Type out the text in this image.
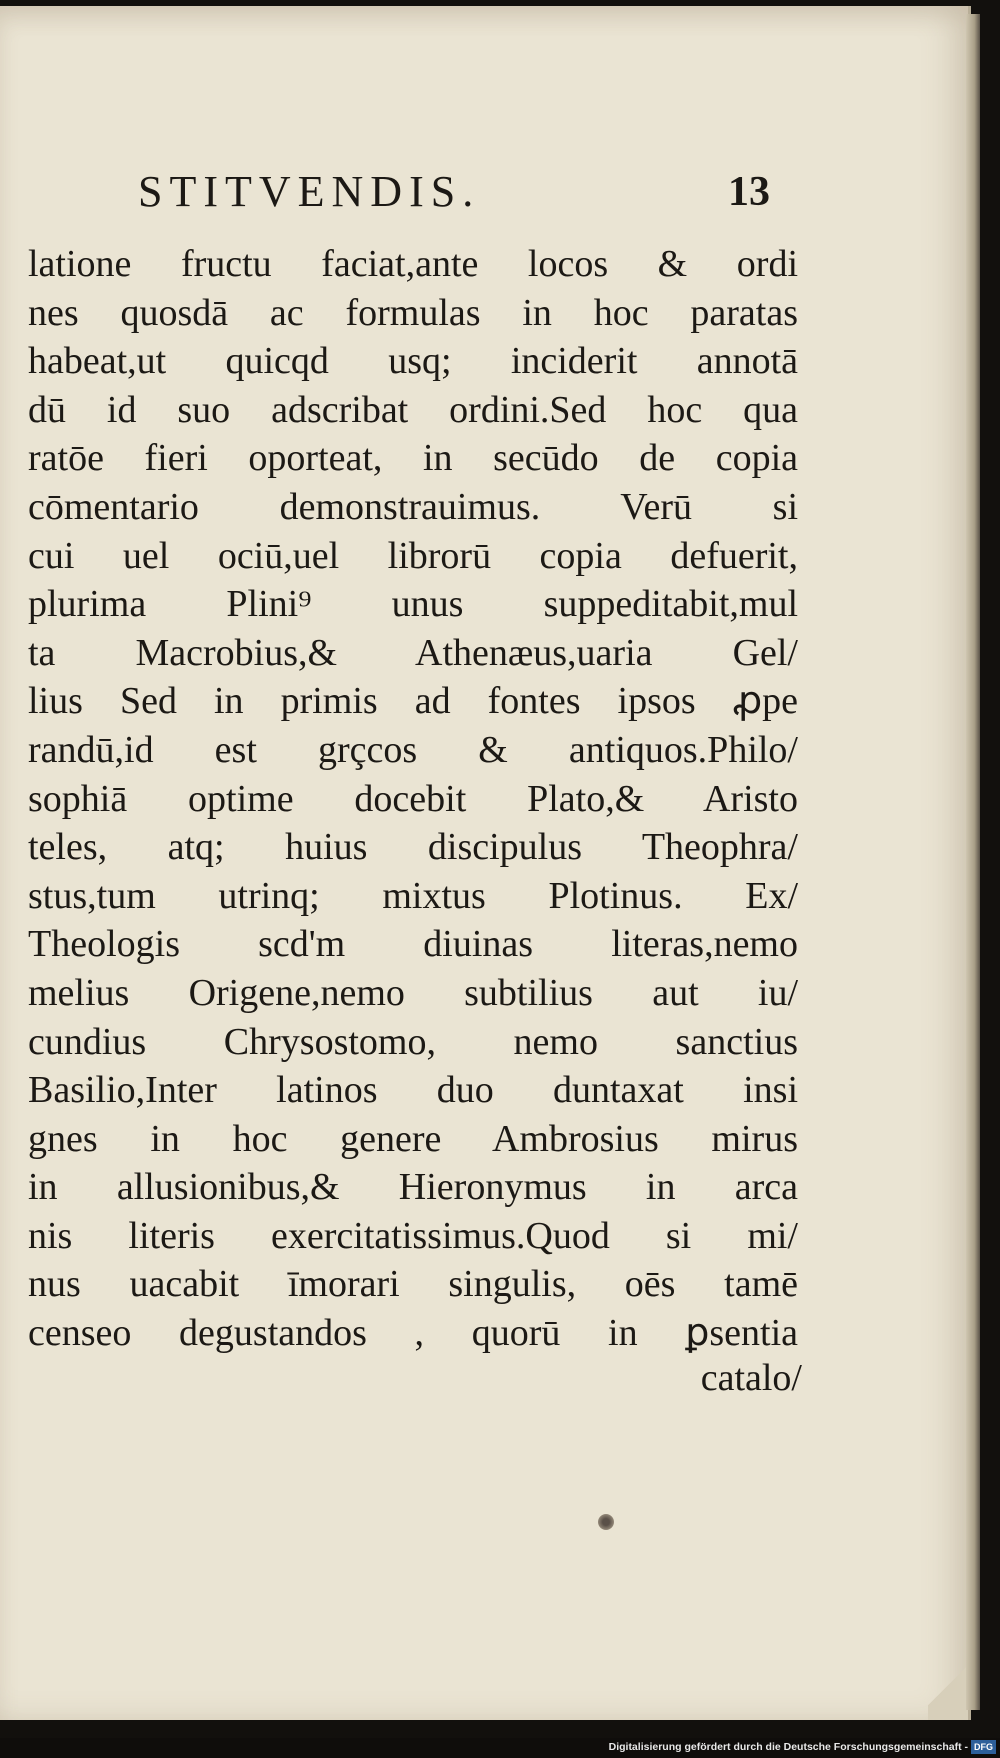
STITVENDIS.	13
latione fructu faciat,ante locos & ordi
nes quosdā ac formulas in hoc paratas
habeat,ut quicqd usq; inciderit annotā
dū id suo adscribat ordini.Sed hoc qua
ratōe fieri oporteat, in secūdo de copia
cōmentario demonstrauimus. Verū si
cui uel ociū,uel librorū copia defuerit,
plurima Plini⁹ unus suppeditabit,mul
ta Macrobius,& Athenæus,uaria Gel/
lius Sed in primis ad fontes ipsos ꝓpe
randū,id est grçcos & antiquos.Philo/
sophiā optime docebit Plato,& Aristo
teles, atq; huius discipulus Theophra/
stus,tum utrinq; mixtus Plotinus. Ex/
Theologis scd'm diuinas literas,nemo
melius Origene,nemo subtilius aut iu/
cundius Chrysostomo, nemo sanctius
Basilio,Inter latinos duo duntaxat insi
gnes in hoc genere Ambrosius mirus
in allusionibus,& Hieronymus in arca
nis literis exercitatissimus.Quod si mi/
nus uacabit īmorari singulis, oēs tamē
censeo degustandos , quorū in ꝑsentia
catalo/
Digitalisierung gefördert durch die Deutsche Forschungsgemeinschaft - DFG
